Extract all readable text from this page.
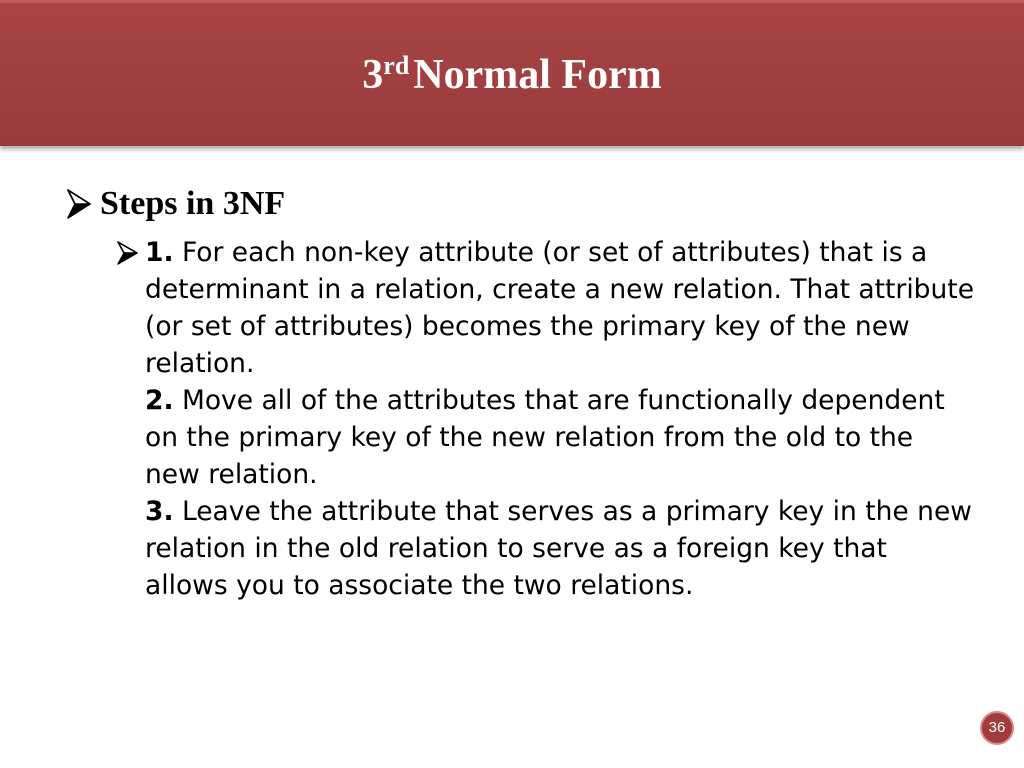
3rdNormal Form
Steps in 3NF
1. For each non-key attribute (or set of attributes) that is a determinant in a relation, create a new relation. That attribute (or set of attributes) becomes the primary key of the new relation.
2. Move all of the attributes that are functionally dependent on the primary key of the new relation from the old to the new relation.
3. Leave the attribute that serves as a primary key in the new relation in the old relation to serve as a foreign key that allows you to associate the two relations.
36
